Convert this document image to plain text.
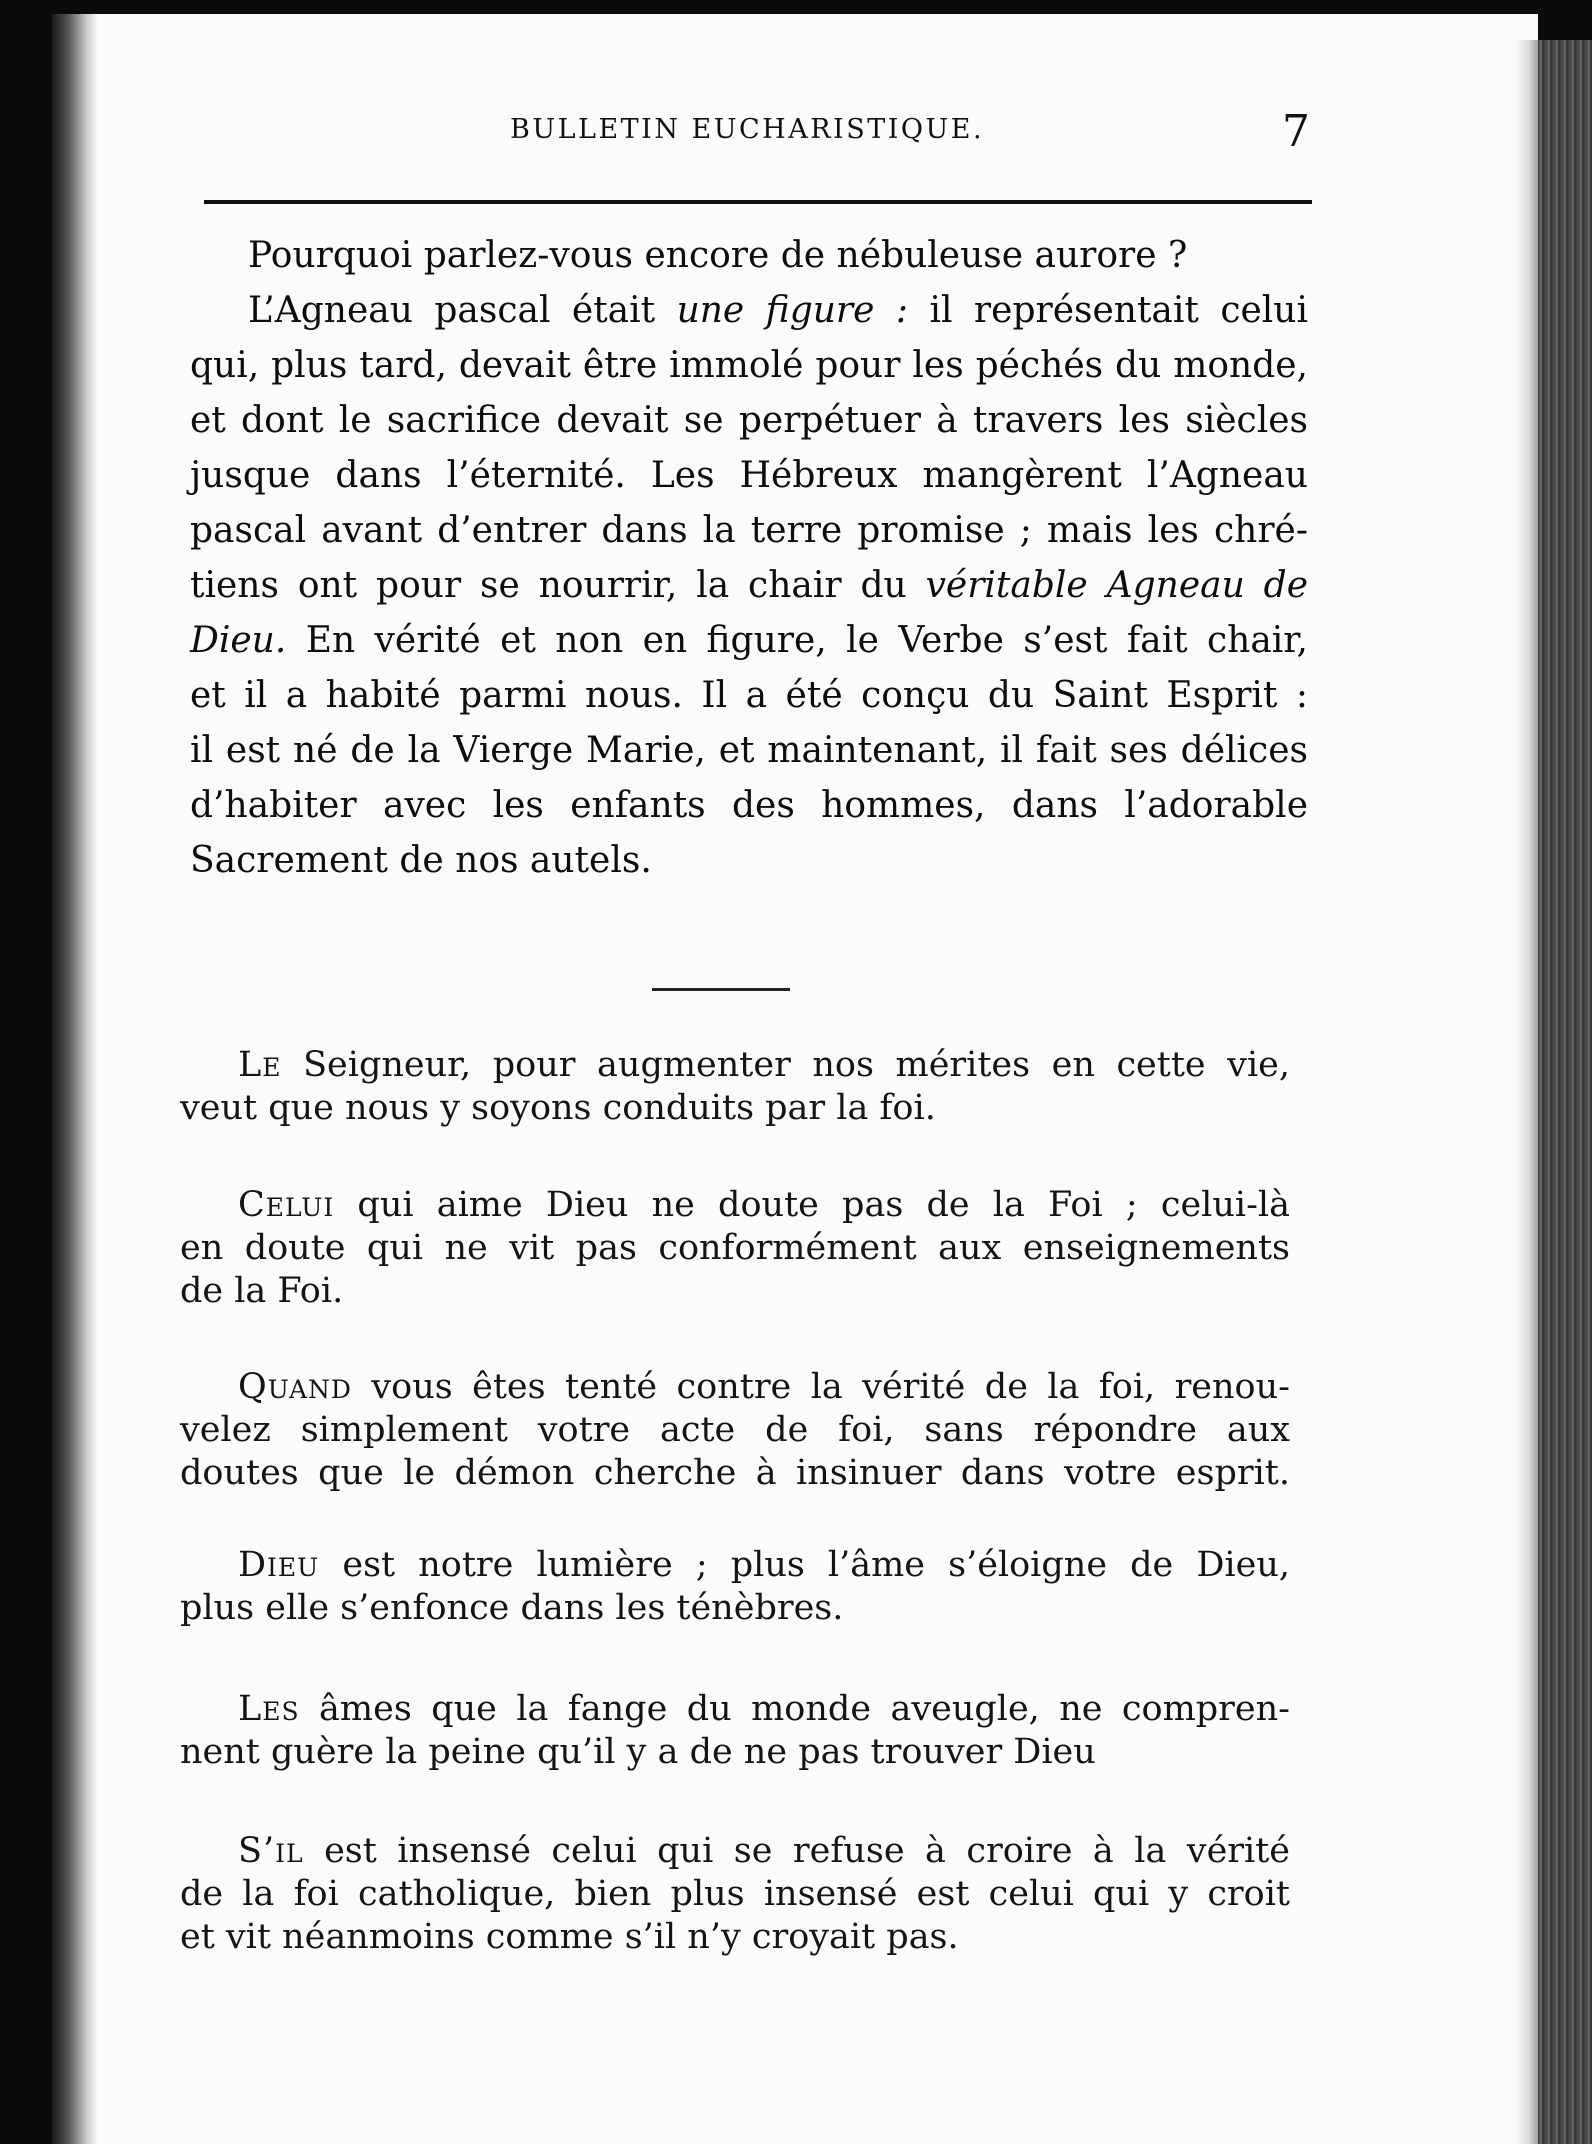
BULLETIN EUCHARISTIQUE.	7
Pourquoi parlez-vous encore de nébuleuse aurore ?
L’Agneau pascal était une figure : il représentait celui
qui, plus tard, devait être immolé pour les péchés du monde,
et dont le sacrifice devait se perpétuer à travers les siècles
jusque dans l’éternité. Les Hébreux mangèrent l’Agneau
pascal avant d’entrer dans la terre promise ; mais les chré-
tiens ont pour se nourrir, la chair du véritable Agneau de
Dieu. En vérité et non en figure, le Verbe s’est fait chair,
et il a habité parmi nous. Il a été conçu du Saint Esprit :
il est né de la Vierge Marie, et maintenant, il fait ses délices
d’habiter avec les enfants des hommes, dans l’adorable
Sacrement de nos autels.
Le Seigneur, pour augmenter nos mérites en cette vie,
veut que nous y soyons conduits par la foi.
Celui qui aime Dieu ne doute pas de la Foi ; celui-là
en doute qui ne vit pas conformément aux enseignements
de la Foi.
Quand vous êtes tenté contre la vérité de la foi, renou-
velez simplement votre acte de foi, sans répondre aux
doutes que le démon cherche à insinuer dans votre esprit.
Dieu est notre lumière ; plus l’âme s’éloigne de Dieu,
plus elle s’enfonce dans les ténèbres.
Les âmes que la fange du monde aveugle, ne compren-
nent guère la peine qu’il y a de ne pas trouver Dieu
S’il est insensé celui qui se refuse à croire à la vérité
de la foi catholique, bien plus insensé est celui qui y croit
et vit néanmoins comme s’il n’y croyait pas.
